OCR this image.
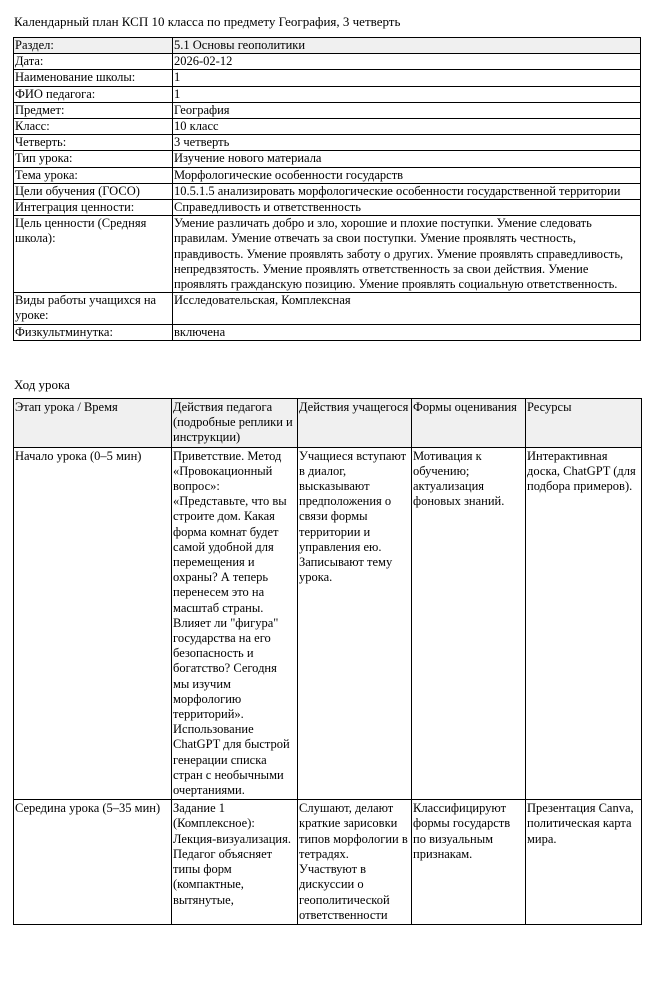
Календарный план КСП 10 класса по предмету География, 3 четверть
Раздел:	5.1 Основы геополитики
Дата:	2026-02-12
Наименование школы:	1
ФИО педагога:	1
Предмет:	География
Класс:	10 класс
Четверть:	3 четверть
Тип урока:	Изучение нового материала
Тема урока:	Морфологические особенности государств
Цели обучения (ГОСО)	10.5.1.5 анализировать морфологические особенности государственной территории
Интеграция ценности:	Справедливость и ответственность
Цель ценности (Средняя школа):	Умение различать добро и зло, хорошие и плохие поступки. Умение следовать правилам. Умение отвечать за свои поступки. Умение проявлять честность, правдивость. Умение проявлять заботу о других. Умение проявлять справедливость, непредвзятость. Умение проявлять ответственность за свои действия. Умение проявлять гражданскую позицию. Умение проявлять социальную ответственность.
Виды работы учащихся на уроке:	Исследовательская, Комплексная
Физкультминутка:	включена
Ход урока
Этап урока / Время	Действия педагога (подробные реплики и инструкции)	Действия учащегося	Формы оценивания	Ресурсы
Начало урока (0–5 мин)	Приветствие. Метод «Провокационный вопрос»: «Представьте, что вы строите дом. Какая форма комнат будет самой удобной для перемещения и охраны? А теперь перенесем это на масштаб страны. Влияет ли "фигура" государства на его безопасность и богатство? Сегодня мы изучим морфологию территорий». Использование ChatGPT для быстрой генерации списка стран с необычными очертаниями.	Учащиеся вступают в диалог, высказывают предположения о связи формы территории и управления ею. Записывают тему урока.	Мотивация к обучению; актуализация фоновых знаний.	Интерактивная доска, ChatGPT (для подбора примеров).
Середина урока (5–35 мин)	Задание 1 (Комплексное): Лекция-визуализация. Педагог объясняет типы форм (компактные, вытянутые,	Слушают, делают краткие зарисовки типов морфологии в тетрадях. Участвуют в дискуссии о геополитической ответственности	Классифицируют формы государств по визуальным признакам.	Презентация Canva, политическая карта мира.
